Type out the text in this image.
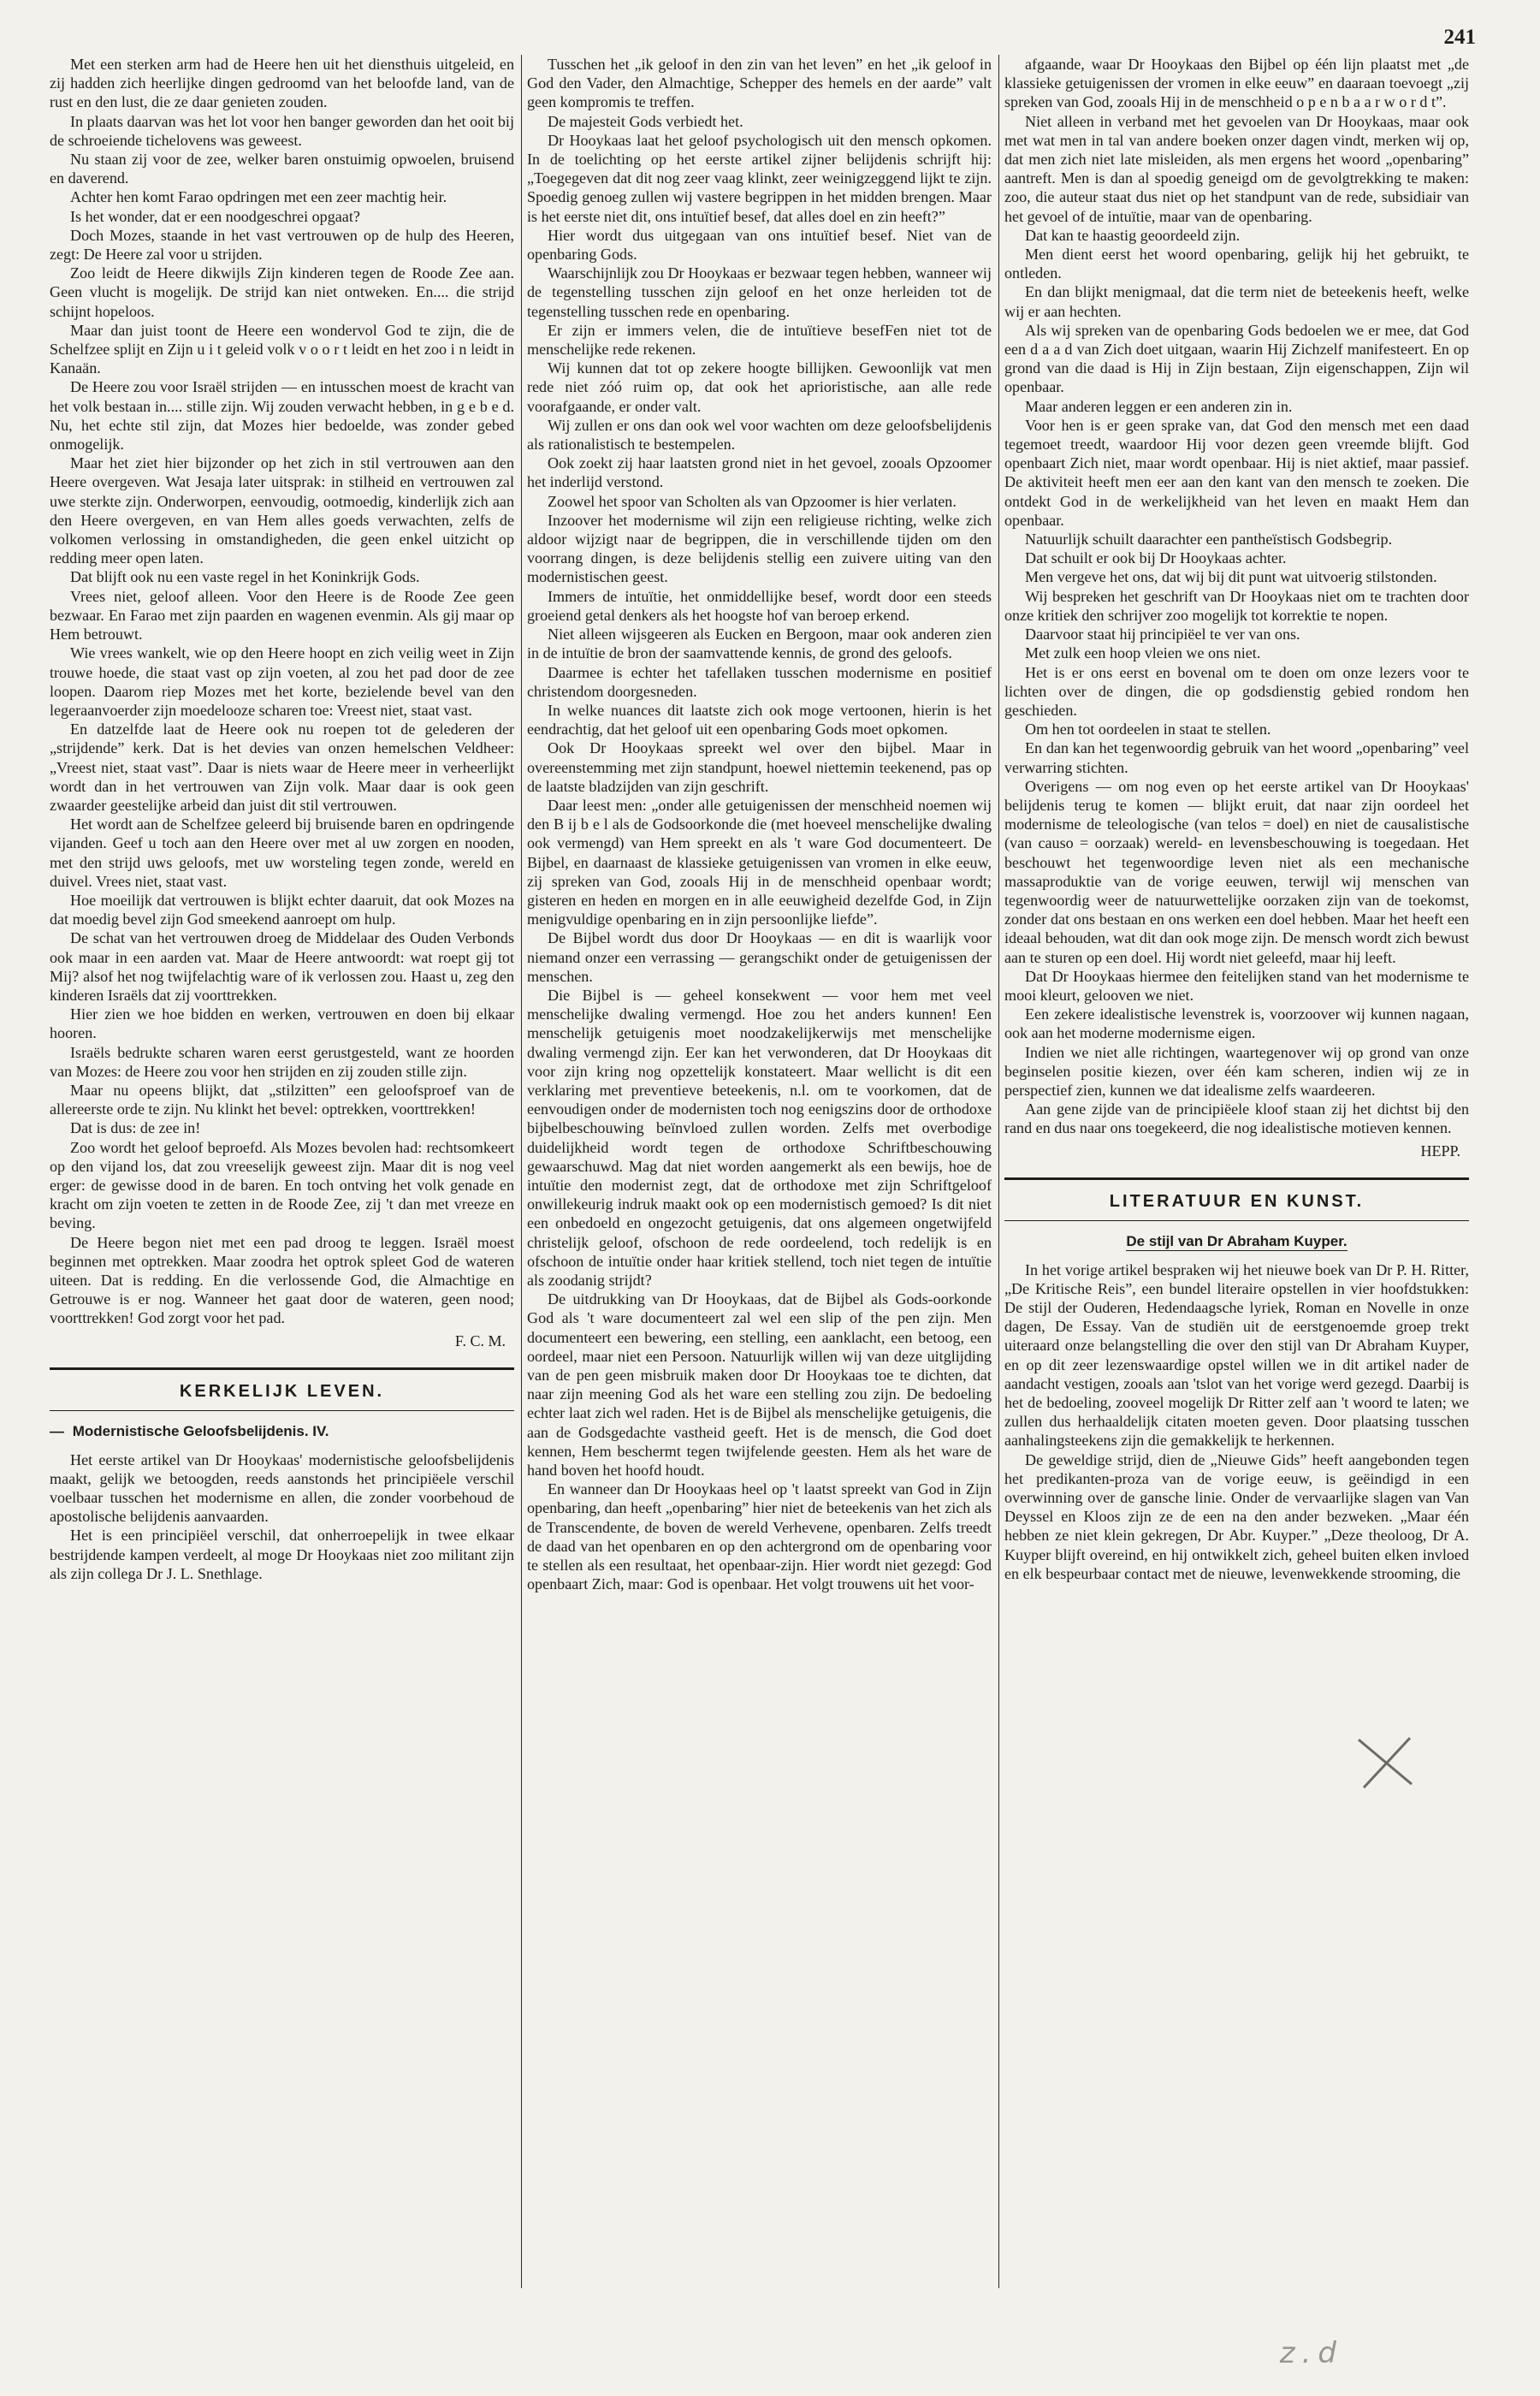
241

Met een sterken arm had de Heere hen uit het diensthuis uitgeleid, en zij hadden zich heerlijke dingen gedroomd van het beloofde land, van de rust en den lust, die ze daar genieten zouden.

In plaats daarvan was het lot voor hen banger geworden dan het ooit bij de schroeiende tichelovens was geweest.

Nu staan zij voor de zee, welker baren onstuimig opwoelen, bruisend en daverend.

Achter hen komt Farao opdringen met een zeer machtig heir.

Is het wonder, dat er een noodgeschrei opgaat?

Doch Mozes, staande in het vast vertrouwen op de hulp des Heeren, zegt: De Heere zal voor u strijden.

Zoo leidt de Heere dikwijls Zijn kinderen tegen de Roode Zee aan. Geen vlucht is mogelijk. De strijd kan niet ontweken. En.... die strijd schijnt hopeloos.

Maar dan juist toont de Heere een wondervol God te zijn, die de Schelfzee splijt en Zijn u i t geleid volk v o o r t leidt en het zoo i n leidt in Kanaän.

De Heere zou voor Israël strijden — en intusschen moest de kracht van het volk bestaan in.... stille zijn. Wij zouden verwacht hebben, in g e b e d. Nu, het echte stil zijn, dat Mozes hier bedoelde, was zonder gebed onmogelijk.

Maar het ziet hier bijzonder op het zich in stil vertrouwen aan den Heere overgeven. Wat Jesaja later uitsprak: in stilheid en vertrouwen zal uwe sterkte zijn. Onderworpen, eenvoudig, ootmoedig, kinderlijk zich aan den Heere overgeven, en van Hem alles goeds verwachten, zelfs de volkomen verlossing in omstandigheden, die geen enkel uitzicht op redding meer open laten.

Dat blijft ook nu een vaste regel in het Koninkrijk Gods.

Vrees niet, geloof alleen. Voor den Heere is de Roode Zee geen bezwaar. En Farao met zijn paarden en wagenen evenmin. Als gij maar op Hem betrouwt.

Wie vrees wankelt, wie op den Heere hoopt en zich veilig weet in Zijn trouwe hoede, die staat vast op zijn voeten, al zou het pad door de zee loopen. Daarom riep Mozes met het korte, bezielende bevel van den legeraanvoerder zijn moedelooze scharen toe: Vreest niet, staat vast.

En datzelfde laat de Heere ook nu roepen tot de gelederen der „strijdende” kerk. Dat is het devies van onzen hemelschen Veldheer: „Vreest niet, staat vast”. Daar is niets waar de Heere meer in verheerlijkt wordt dan in het vertrouwen van Zijn volk. Maar daar is ook geen zwaarder geestelijke arbeid dan juist dit stil vertrouwen.

Het wordt aan de Schelfzee geleerd bij bruisende baren en opdringende vijanden. Geef u toch aan den Heere over met al uw zorgen en nooden, met den strijd uws geloofs, met uw worsteling tegen zonde, wereld en duivel. Vrees niet, staat vast.

Hoe moeilijk dat vertrouwen is blijkt echter daaruit, dat ook Mozes na dat moedig bevel zijn God smeekend aanroept om hulp.

De schat van het vertrouwen droeg de Middelaar des Ouden Verbonds ook maar in een aarden vat. Maar de Heere antwoordt: wat roept gij tot Mij? alsof het nog twijfelachtig ware of ik verlossen zou. Haast u, zeg den kinderen Israëls dat zij voorttrekken.

Hier zien we hoe bidden en werken, vertrouwen en doen bij elkaar hooren.

Israëls bedrukte scharen waren eerst gerustgesteld, want ze hoorden van Mozes: de Heere zou voor hen strijden en zij zouden stille zijn.

Maar nu opeens blijkt, dat „stilzitten” een geloofsproef van de allereerste orde te zijn. Nu klinkt het bevel: optrekken, voorttrekken!

Dat is dus: de zee in!

Zoo wordt het geloof beproefd. Als Mozes bevolen had: rechtsomkeert op den vijand los, dat zou vreeselijk geweest zijn. Maar dit is nog veel erger: de gewisse dood in de baren. En toch ontving het volk genade en kracht om zijn voeten te zetten in de Roode Zee, zij 't dan met vreeze en beving.

De Heere begon niet met een pad droog te leggen. Israël moest beginnen met optrekken. Maar zoodra het optrok spleet God de wateren uiteen. Dat is redding. En die verlossende God, die Almachtige en Getrouwe is er nog. Wanneer het gaat door de wateren, geen nood; voorttrekken! God zorgt voor het pad.

F. C. M.
KERKELIJK LEVEN.
— Modernistische Geloofsbelijdenis. IV.

Het eerste artikel van Dr Hooykaas' modernistische geloofsbelijdenis maakt, gelijk we betoogden, reeds aanstonds het principiëele verschil voelbaar tusschen het modernisme en allen, die zonder voorbehoud de apostolische belijdenis aanvaarden.

Het is een principiëel verschil, dat onherroepelijk in twee elkaar bestrijdende kampen verdeelt, al moge Dr Hooykaas niet zoo militant zijn als zijn collega Dr J. L. Snethlage.

Tusschen het „ik geloof in den zin van het leven” en het „ik geloof in God den Vader, den Almachtige, Schepper des hemels en der aarde” valt geen kompromis te treffen.

De majesteit Gods verbiedt het.

Dr Hooykaas laat het geloof psychologisch uit den mensch opkomen. In de toelichting op het eerste artikel zijner belijdenis schrijft hij: „Toegegeven dat dit nog zeer vaag klinkt, zeer weinigzeggend lijkt te zijn. Spoedig genoeg zullen wij vastere begrippen in het midden brengen. Maar is het eerste niet dit, ons intuïtief besef, dat alles doel en zin heeft?”

Hier wordt dus uitgegaan van ons intuïtief besef. Niet van de openbaring Gods.

Waarschijnlijk zou Dr Hooykaas er bezwaar tegen hebben, wanneer wij de tegenstelling tusschen zijn geloof en het onze herleiden tot de tegenstelling tusschen rede en openbaring.

Er zijn er immers velen, die de intuïtieve besefFen niet tot de menschelijke rede rekenen.

Wij kunnen dat tot op zekere hoogte billijken. Gewoonlijk vat men rede niet zóó ruim op, dat ook het aprioristische, aan alle rede voorafgaande, er onder valt.

Wij zullen er ons dan ook wel voor wachten om deze geloofsbelijdenis als rationalistisch te bestempelen.

Ook zoekt zij haar laatsten grond niet in het gevoel, zooals Opzoomer het inderlijd verstond.

Zoowel het spoor van Scholten als van Opzoomer is hier verlaten.

Inzoover het modernisme wil zijn een religieuse richting, welke zich aldoor wijzigt naar de begrippen, die in verschillende tijden om den voorrang dingen, is deze belijdenis stellig een zuivere uiting van den modernistischen geest.

Immers de intuïtie, het onmiddellijke besef, wordt door een steeds groeiend getal denkers als het hoogste hof van beroep erkend.

Niet alleen wijsgeeren als Eucken en Bergoon, maar ook anderen zien in de intuïtie de bron der saamvattende kennis, de grond des geloofs.

Daarmee is echter het tafellaken tusschen modernisme en positief christendom doorgesneden.

In welke nuances dit laatste zich ook moge vertoonen, hierin is het eendrachtig, dat het geloof uit een openbaring Gods moet opkomen.

Ook Dr Hooykaas spreekt wel over den bijbel. Maar in overeenstemming met zijn standpunt, hoewel niettemin teekenend, pas op de laatste bladzijden van zijn geschrift.

Daar leest men: „onder alle getuigenissen der menschheid noemen wij den B ij b e l als de Godsoorkonde die (met hoeveel menschelijke dwaling ook vermengd) van Hem spreekt en als 't ware God documenteert. De Bijbel, en daarnaast de klassieke getuigenissen van vromen in elke eeuw, zij spreken van God, zooals Hij in de menschheid openbaar wordt; gisteren en heden en morgen en in alle eeuwigheid dezelfde God, in Zijn menigvuldige openbaring en in zijn persoonlijke liefde”.

De Bijbel wordt dus door Dr Hooykaas — en dit is waarlijk voor niemand onzer een verrassing — gerangschikt onder de getuigenissen der menschen.

Die Bijbel is — geheel konsekwent — voor hem met veel menschelijke dwaling vermengd. Hoe zou het anders kunnen! Een menschelijk getuigenis moet noodzakelijkerwijs met menschelijke dwaling vermengd zijn. Eer kan het verwonderen, dat Dr Hooykaas dit voor zijn kring nog opzettelijk konstateert. Maar wellicht is dit een verklaring met preventieve beteekenis, n.l. om te voorkomen, dat de eenvoudigen onder de modernisten toch nog eenigszins door de orthodoxe bijbelbeschouwing beïnvloed zullen worden. Zelfs met overbodige duidelijkheid wordt tegen de orthodoxe Schriftbeschouwing gewaarschuwd. Mag dat niet worden aangemerkt als een bewijs, hoe de intuïtie den modernist zegt, dat de orthodoxe met zijn Schriftgeloof onwillekeurig indruk maakt ook op een modernistisch gemoed? Is dit niet een onbedoeld en ongezocht getuigenis, dat ons algemeen ongetwijfeld christelijk geloof, ofschoon de rede oordeelend, toch redelijk is en ofschoon de intuïtie onder haar kritiek stellend, toch niet tegen de intuïtie als zoodanig strijdt?

De uitdrukking van Dr Hooykaas, dat de Bijbel als Gods-oorkonde God als 't ware documenteert zal wel een slip of the pen zijn. Men documenteert een bewering, een stelling, een aanklacht, een betoog, een oordeel, maar niet een Persoon. Natuurlijk willen wij van deze uitglijding van de pen geen misbruik maken door Dr Hooykaas toe te dichten, dat naar zijn meening God als het ware een stelling zou zijn. De bedoeling echter laat zich wel raden. Het is de Bijbel als menschelijke getuigenis, die aan de Godsgedachte vastheid geeft. Het is de mensch, die God doet kennen, Hem beschermt tegen twijfelende geesten. Hem als het ware de hand boven het hoofd houdt.

En wanneer dan Dr Hooykaas heel op 't laatst spreekt van God in Zijn openbaring, dan heeft „openbaring” hier niet de beteekenis van het zich als de Transcendente, de boven de wereld Verhevene, openbaren. Zelfs treedt de daad van het openbaren en op den achtergrond om de openbaring voor te stellen als een resultaat, het openbaar-zijn. Hier wordt niet gezegd: God openbaart Zich, maar: God is openbaar. Het volgt trouwens uit het voor-

afgaande, waar Dr Hooykaas den Bijbel op één lijn plaatst met „de klassieke getuigenissen der vromen in elke eeuw” en daaraan toevoegt „zij spreken van God, zooals Hij in de menschheid o p e n b a a r w o r d t”.

Niet alleen in verband met het gevoelen van Dr Hooykaas, maar ook met wat men in tal van andere boeken onzer dagen vindt, merken wij op, dat men zich niet late misleiden, als men ergens het woord „openbaring” aantreft. Men is dan al spoedig geneigd om de gevolgtrekking te maken: zoo, die auteur staat dus niet op het standpunt van de rede, subsidiair van het gevoel of de intuïtie, maar van de openbaring.

Dat kan te haastig geoordeeld zijn.

Men dient eerst het woord openbaring, gelijk hij het gebruikt, te ontleden.

En dan blijkt menigmaal, dat die term niet de beteekenis heeft, welke wij er aan hechten.

Als wij spreken van de openbaring Gods bedoelen we er mee, dat God een d a a d van Zich doet uitgaan, waarin Hij Zichzelf manifesteert. En op grond van die daad is Hij in Zijn bestaan, Zijn eigenschappen, Zijn wil openbaar.

Maar anderen leggen er een anderen zin in.

Voor hen is er geen sprake van, dat God den mensch met een daad tegemoet treedt, waardoor Hij voor dezen geen vreemde blijft. God openbaart Zich niet, maar wordt openbaar. Hij is niet aktief, maar passief. De aktiviteit heeft men eer aan den kant van den mensch te zoeken. Die ontdekt God in de werkelijkheid van het leven en maakt Hem dan openbaar.

Natuurlijk schuilt daarachter een pantheïstisch Godsbegrip.

Dat schuilt er ook bij Dr Hooykaas achter.

Men vergeve het ons, dat wij bij dit punt wat uitvoerig stilstonden.

Wij bespreken het geschrift van Dr Hooykaas niet om te trachten door onze kritiek den schrijver zoo mogelijk tot korrektie te nopen.

Daarvoor staat hij principiëel te ver van ons.

Met zulk een hoop vleien we ons niet.

Het is er ons eerst en bovenal om te doen om onze lezers voor te lichten over de dingen, die op godsdienstig gebied rondom hen geschieden.

Om hen tot oordeelen in staat te stellen.

En dan kan het tegenwoordig gebruik van het woord „openbaring” veel verwarring stichten.

Overigens — om nog even op het eerste artikel van Dr Hooykaas' belijdenis terug te komen — blijkt eruit, dat naar zijn oordeel het modernisme de teleologische (van telos = doel) en niet de causalistische (van causo = oorzaak) wereld- en levensbeschouwing is toegedaan. Het beschouwt het tegenwoordige leven niet als een mechanische massaproduktie van de vorige eeuwen, terwijl wij menschen van tegenwoordig weer de natuurwettelijke oorzaken zijn van de toekomst, zonder dat ons bestaan en ons werken een doel hebben. Maar het heeft een ideaal behouden, wat dit dan ook moge zijn. De mensch wordt zich bewust aan te sturen op een doel. Hij wordt niet geleefd, maar hij leeft.

Dat Dr Hooykaas hiermee den feitelijken stand van het modernisme te mooi kleurt, gelooven we niet.

Een zekere idealistische levenstrek is, voorzoover wij kunnen nagaan, ook aan het moderne modernisme eigen.

Indien we niet alle richtingen, waartegenover wij op grond van onze beginselen positie kiezen, over één kam scheren, indien wij ze in perspectief zien, kunnen we dat idealisme zelfs waardeeren.

Aan gene zijde van de principiëele kloof staan zij het dichtst bij den rand en dus naar ons toegekeerd, die nog idealistische motieven kennen.

HEPP.
LITERATUUR EN KUNST.
De stijl van Dr Abraham Kuyper.

In het vorige artikel bespraken wij het nieuwe boek van Dr P. H. Ritter, „De Kritische Reis”, een bundel literaire opstellen in vier hoofdstukken: De stijl der Ouderen, Hedendaagsche lyriek, Roman en Novelle in onze dagen, De Essay. Van de studiën uit de eerstgenoemde groep trekt uiteraard onze belangstelling die over den stijl van Dr Abraham Kuyper, en op dit zeer lezenswaardige opstel willen we in dit artikel nader de aandacht vestigen, zooals aan 'tslot van het vorige werd gezegd. Daarbij is het de bedoeling, zooveel mogelijk Dr Ritter zelf aan 't woord te laten; we zullen dus herhaaldelijk citaten moeten geven. Door plaatsing tusschen aanhalingsteekens zijn die gemakkelijk te herkennen.

De geweldige strijd, dien de „Nieuwe Gids” heeft aangebonden tegen het predikanten-proza van de vorige eeuw, is geëindigd in een overwinning over de gansche linie. Onder de vervaarlijke slagen van Van Deyssel en Kloos zijn ze de een na den ander bezweken. „Maar één hebben ze niet klein gekregen, Dr Abr. Kuyper.” „Deze theoloog, Dr A. Kuyper blijft overeind, en hij ontwikkelt zich, geheel buiten elken invloed en elk bespeurbaar contact met de nieuwe, levenwekkende strooming, die

z.d
